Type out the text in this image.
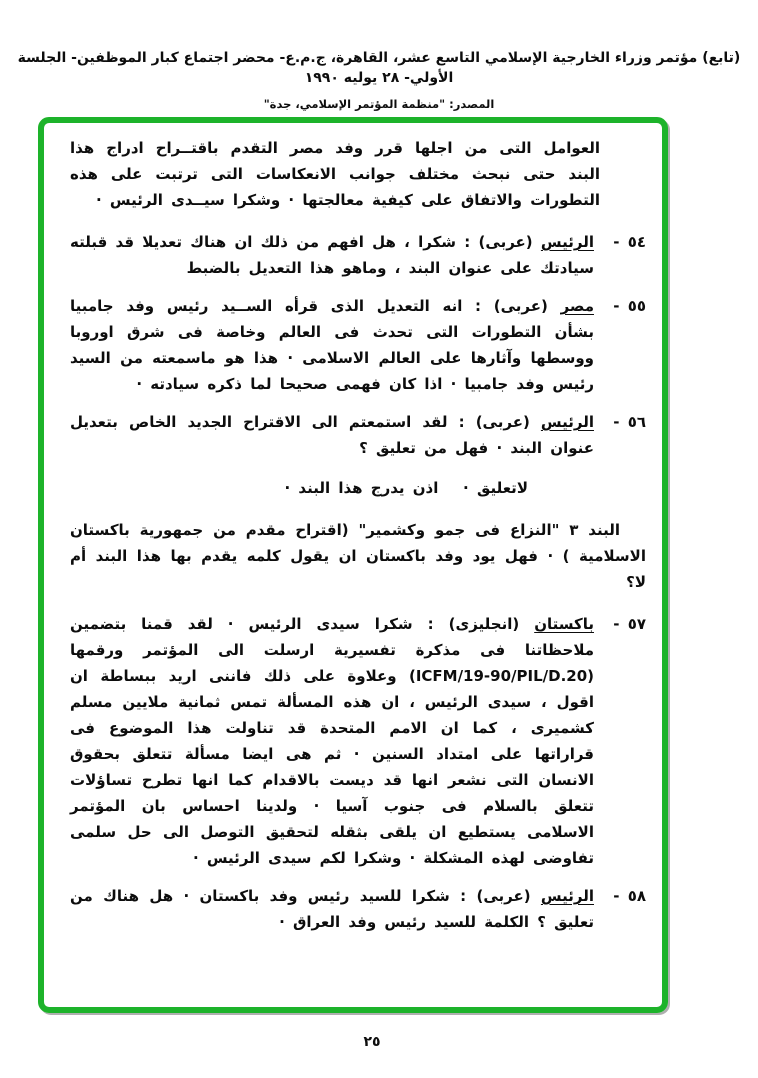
(تابع) مؤتمر وزراء الخارجية الإسلامي التاسع عشر، القاهرة، ج.م.ع- محضر اجتماع كبار الموظفين- الجلسة الأولي- ٢٨ يوليه ١٩٩٠
المصدر: "منظمة المؤتمر الإسلامي، جدة"

العوامل التى من اجلها قرر وفد مصر التقدم باقتــراح ادراج هذا البند حتى نبحث مختلف جوانب الانعكاسات التى ترتبت على هذه التطورات والاتفاق على كيفية معالجتها · وشكرا سيــدى الرئيس ·

٥٤ -
الرئيس (عربى) : شكرا ، هل افهم من ذلك ان هناك تعديلا قد قبلته سيادتك على عنوان البند ، وماهو هذا التعديل بالضبط
٥٥ -
مصر (عربى) : انه التعديل الذى قرأه الســيد رئيس وفد جامبيا بشأن التطورات التى تحدث فى العالم وخاصة فى شرق اوروبا ووسطها وآثارها على العالم الاسلامى · هذا هو ماسمعته من السيد رئيس وفد جامبيا · اذا كان فهمى صحيحا لما ذكره سيادته ·
٥٦ -
الرئيس (عربى) : لقد استمعتم الى الاقتراح الجديد الخاص بتعديل عنوان البند · فهل من تعليق ؟

لاتعليق ·   اذن يدرج هذا البند ·

البند ٣ "النزاع فى جمو وكشمير" (اقتراح مقدم من جمهورية باكستان الاسلامية ) · فهل يود وفد باكستان ان يقول كلمه يقدم بها هذا البند أم لا؟

٥٧ -
باكستان (انجليزى) : شكرا سيدى الرئيس · لقد قمنا بتضمين ملاحظاتنا فى مذكرة تفسيرية ارسلت الى المؤتمر ورقمها (ICFM/19-90/PIL/D.20) وعلاوة على ذلك فاننى اريد ببساطة ان اقول ، سيدى الرئيس ، ان هذه المسألة تمس ثمانية ملايين مسلم كشميرى ، كما ان الامم المتحدة قد تناولت هذا الموضوع فى قراراتها على امتداد السنين · ثم هى ايضا مسألة تتعلق بحقوق الانسان التى نشعر انها قد ديست بالاقدام كما انها تطرح تساؤلات تتعلق بالسلام فى جنوب آسيا · ولدينا احساس بان المؤتمر الاسلامى يستطيع ان يلقى بثقله لتحقيق التوصل الى حل سلمى تفاوضى لهذه المشكلة · وشكرا لكم سيدى الرئيس ·
٥٨ -
الرئيس (عربى) : شكرا للسيد رئيس وفد باكستان · هل هناك من تعليق ؟ الكلمة للسيد رئيس وفد العراق ·
٢٥
